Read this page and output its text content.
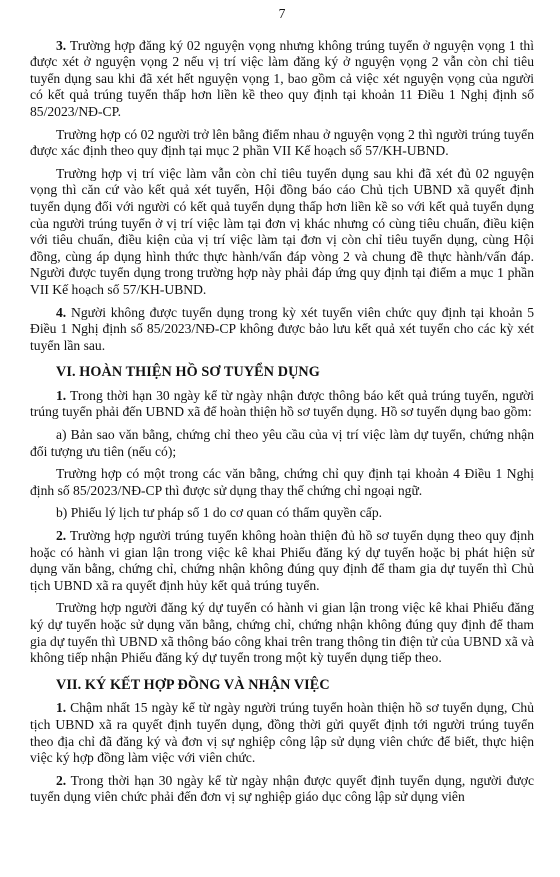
7

3. Trường hợp đăng ký 02 nguyện vọng nhưng không trúng tuyển ở nguyện vọng 1 thì được xét ở nguyện vọng 2 nếu vị trí việc làm đăng ký ở nguyện vọng 2 vẫn còn chỉ tiêu tuyển dụng sau khi đã xét hết nguyện vọng 1, bao gồm cả việc xét nguyện vọng của người có kết quả trúng tuyển thấp hơn liền kề theo quy định tại khoản 11 Điều 1 Nghị định số 85/2023/NĐ-CP.

Trường hợp có 02 người trở lên bằng điểm nhau ở nguyện vọng 2 thì người trúng tuyển được xác định theo quy định tại mục 2 phần VII Kế hoạch số 57/KH-UBND.

Trường hợp vị trí việc làm vẫn còn chỉ tiêu tuyển dụng sau khi đã xét đủ 02 nguyện vọng thì căn cứ vào kết quả xét tuyển, Hội đồng báo cáo Chủ tịch UBND xã quyết định tuyển dụng đối với người có kết quả tuyển dụng thấp hơn liền kề so với kết quả tuyển dụng của người trúng tuyển ở vị trí việc làm tại đơn vị khác nhưng có cùng tiêu chuẩn, điều kiện với tiêu chuẩn, điều kiện của vị trí việc làm tại đơn vị còn chỉ tiêu tuyển dụng, cùng Hội đồng, cùng áp dụng hình thức thực hành/vấn đáp vòng 2 và chung đề thực hành/vấn đáp. Người được tuyển dụng trong trường hợp này phải đáp ứng quy định tại điểm a mục 1 phần VII Kế hoạch số 57/KH-UBND.

4. Người không được tuyển dụng trong kỳ xét tuyển viên chức quy định tại khoản 5 Điều 1 Nghị định số 85/2023/NĐ-CP không được bảo lưu kết quả xét tuyển cho các kỳ xét tuyển lần sau.

VI. HOÀN THIỆN HỒ SƠ TUYỂN DỤNG

1. Trong thời hạn 30 ngày kể từ ngày nhận được thông báo kết quả trúng tuyển, người trúng tuyển phải đến UBND xã để hoàn thiện hồ sơ tuyển dụng. Hồ sơ tuyển dụng bao gồm:

a) Bản sao văn bằng, chứng chỉ theo yêu cầu của vị trí việc làm dự tuyển, chứng nhận đối tượng ưu tiên (nếu có);

Trường hợp có một trong các văn bằng, chứng chỉ quy định tại khoản 4 Điều 1 Nghị định số 85/2023/NĐ-CP thì được sử dụng thay thế chứng chỉ ngoại ngữ.

b) Phiếu lý lịch tư pháp số 1 do cơ quan có thẩm quyền cấp.

2. Trường hợp người trúng tuyển không hoàn thiện đủ hồ sơ tuyển dụng theo quy định hoặc có hành vi gian lận trong việc kê khai Phiếu đăng ký dự tuyển hoặc bị phát hiện sử dụng văn bằng, chứng chỉ, chứng nhận không đúng quy định để tham gia dự tuyển thì Chủ tịch UBND xã ra quyết định hủy kết quả trúng tuyển.

Trường hợp người đăng ký dự tuyển có hành vi gian lận trong việc kê khai Phiếu đăng ký dự tuyển hoặc sử dụng văn bằng, chứng chỉ, chứng nhận không đúng quy định để tham gia dự tuyển thì UBND xã thông báo công khai trên trang thông tin điện tử của UBND xã và không tiếp nhận Phiếu đăng ký dự tuyển trong một kỳ tuyển dụng tiếp theo.

VII. KÝ KẾT HỢP ĐỒNG VÀ NHẬN VIỆC

1. Chậm nhất 15 ngày kể từ ngày người trúng tuyển hoàn thiện hồ sơ tuyển dụng, Chủ tịch UBND xã ra quyết định tuyển dụng, đồng thời gửi quyết định tới người trúng tuyển theo địa chỉ đã đăng ký và đơn vị sự nghiệp công lập sử dụng viên chức để biết, thực hiện việc ký hợp đồng làm việc với viên chức.

2. Trong thời hạn 30 ngày kể từ ngày nhận được quyết định tuyển dụng, người được tuyển dụng viên chức phải đến đơn vị sự nghiệp giáo dục công lập sử dụng viên
